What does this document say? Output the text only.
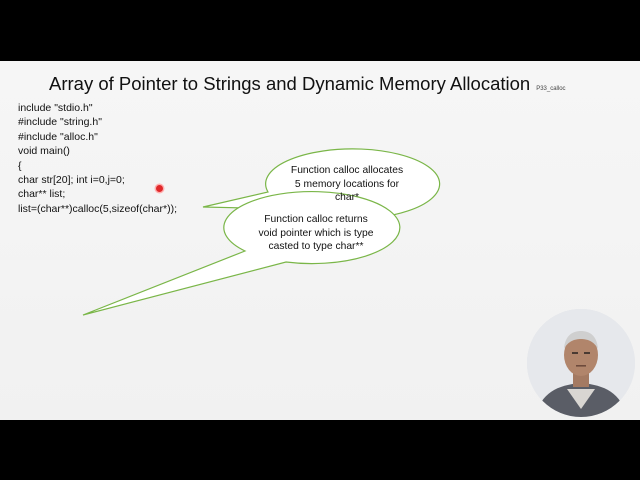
Array of Pointer to Strings and Dynamic Memory Allocation P33_calloc
include "stdio.h"
#include "string.h"
#include "alloc.h"
void main()
{
char str[20]; int i=0,j=0;
char** list;
list=(char**)calloc(5,sizeof(char*));
Function calloc allocates
5 memory locations for
char*
Function calloc returns
void pointer which is type
casted to type char**
